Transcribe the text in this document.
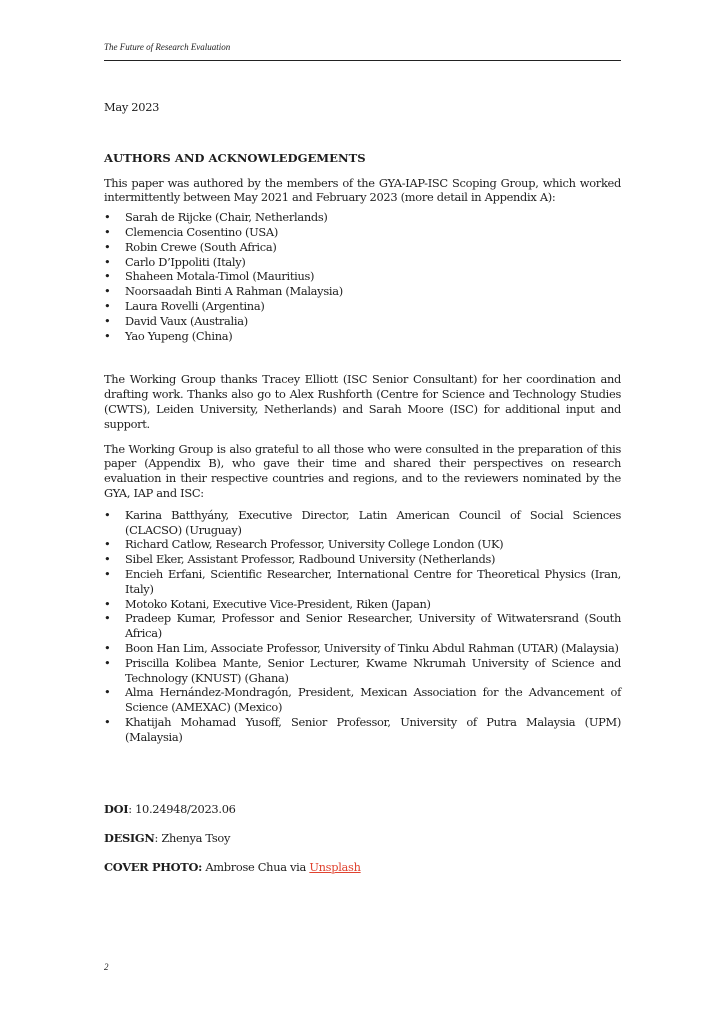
The Future of Research Evaluation

May 2023

AUTHORS AND ACKNOWLEDGEMENTS

This paper was authored by the members of the GYA-IAP-ISC Scoping Group, which worked intermittently between May 2021 and February 2023 (more detail in Appendix A):

• Sarah de Rijcke (Chair, Netherlands)
• Clemencia Cosentino (USA)
• Robin Crewe (South Africa)
• Carlo D’Ippoliti (Italy)
• Shaheen Motala-Timol (Mauritius)
• Noorsaadah Binti A Rahman (Malaysia)
• Laura Rovelli (Argentina)
• David Vaux (Australia)
• Yao Yupeng (China)

The Working Group thanks Tracey Elliott (ISC Senior Consultant) for her coordination and drafting work. Thanks also go to Alex Rushforth (Centre for Science and Technology Studies (CWTS), Leiden University, Netherlands) and Sarah Moore (ISC) for additional input and support.

The Working Group is also grateful to all those who were consulted in the preparation of this paper (Appendix B), who gave their time and shared their perspectives on research evaluation in their respective countries and regions, and to the reviewers nominated by the GYA, IAP and ISC:

• Karina Batthyány, Executive Director, Latin American Council of Social Sciences (CLACSO) (Uruguay)
• Richard Catlow, Research Professor, University College London (UK)
• Sibel Eker, Assistant Professor, Radbound University (Netherlands)
• Encieh Erfani, Scientific Researcher, International Centre for Theoretical Physics (Iran, Italy)
• Motoko Kotani, Executive Vice-President, Riken (Japan)
• Pradeep Kumar, Professor and Senior Researcher, University of Witwatersrand (South Africa)
• Boon Han Lim, Associate Professor, University of Tinku Abdul Rahman (UTAR) (Malaysia)
• Priscilla Kolibea Mante, Senior Lecturer, Kwame Nkrumah University of Science and Technology (KNUST) (Ghana)
• Alma Hernández-Mondragón, President, Mexican Association for the Advancement of Science (AMEXAC) (Mexico)
• Khatijah Mohamad Yusoff, Senior Professor, University of Putra Malaysia (UPM) (Malaysia)

DOI: 10.24948/2023.06

DESIGN: Zhenya Tsoy

COVER PHOTO: Ambrose Chua via Unsplash

2
